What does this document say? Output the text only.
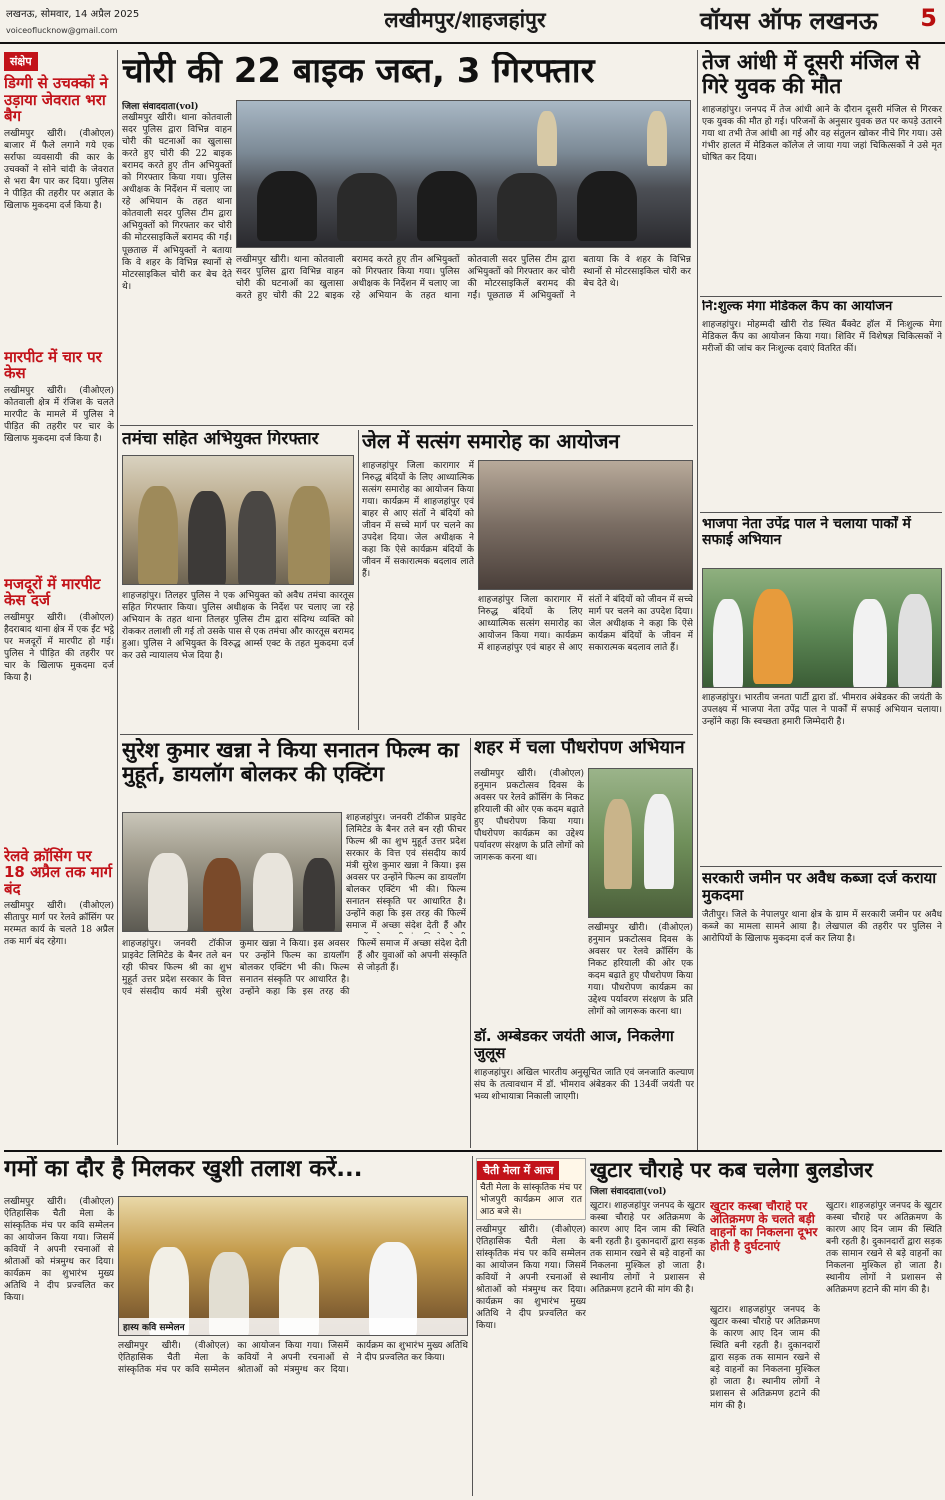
लखनऊ, सोमवार, 14 अप्रैल 2025
voiceoflucknow@gmail.com	लखीमपुर/शाहजहांपुर	वॉयस ऑफ लखनऊ 5
संक्षेप
डिग्गी से उचक्कों ने उड़ाया जेवरात भरा बैग
लखीमपुर खीरी। (वीओएल) बाजार में फैले लगाने गये एक सर्राफा व्यवसायी की कार के उचक्कों ने सोने चांदी के जेवरात से भरा बैग पार कर दिया। पुलिस ने पीड़ित की तहरीर पर अज्ञात के खिलाफ मुकदमा दर्ज किया है।
मारपीट में चार पर केस
लखीमपुर खीरी। (वीओएल) कोतवाली क्षेत्र में रंजिश के चलते मारपीट के मामले में पुलिस ने पीड़ित की तहरीर पर चार के खिलाफ मुकदमा दर्ज किया है।
मजदूरों में मारपीट केस दर्ज
लखीमपुर खीरी। (वीओएल) हैदराबाद थाना क्षेत्र में एक ईंट भट्ठे पर मजदूरों में मारपीट हो गई। पुलिस ने पीड़ित की तहरीर पर चार के खिलाफ मुकदमा दर्ज किया है।
रेलवे क्रॉसिंग पर 18 अप्रैल तक मार्ग बंद
लखीमपुर खीरी। (वीओएल) सीतापुर मार्ग पर रेलवे क्रॉसिंग पर मरम्मत कार्य के चलते 18 अप्रैल तक मार्ग बंद रहेगा।
चोरी की 22 बाइक जब्त, 3 गिरफ्तार
जिला संवाददाता(vol)
लखीमपुर खीरी। थाना कोतवाली सदर पुलिस द्वारा विभिन्न वाहन चोरी की घटनाओं का खुलासा करते हुए चोरी की 22 बाइक बरामद करते हुए तीन अभियुक्तों को गिरफ्तार किया गया। पुलिस अधीक्षक के निर्देशन में चलाए जा रहे अभियान के तहत थाना कोतवाली सदर पुलिस टीम द्वारा अभियुक्तों को गिरफ्तार कर चोरी की मोटरसाइकिलें बरामद की गईं। पूछताछ में अभियुक्तों ने बताया कि वे शहर के विभिन्न स्थानों से मोटरसाइकिल चोरी कर बेच देते थे।
लखीमपुर खीरी। थाना कोतवाली सदर पुलिस द्वारा विभिन्न वाहन चोरी की घटनाओं का खुलासा करते हुए चोरी की 22 बाइक बरामद करते हुए तीन अभियुक्तों को गिरफ्तार किया गया। पुलिस अधीक्षक के निर्देशन में चलाए जा रहे अभियान के तहत थाना कोतवाली सदर पुलिस टीम द्वारा अभियुक्तों को गिरफ्तार कर चोरी की मोटरसाइकिलें बरामद की गईं। पूछताछ में अभियुक्तों ने बताया कि वे शहर के विभिन्न स्थानों से मोटरसाइकिल चोरी कर बेच देते थे।
तमंचा सहित अभियुक्त गिरफ्तार
शाहजहांपुर। तिलहर पुलिस ने एक अभियुक्त को अवैध तमंचा कारतूस सहित गिरफ्तार किया। पुलिस अधीक्षक के निर्देश पर चलाए जा रहे अभियान के तहत थाना तिलहर पुलिस टीम द्वारा संदिग्ध व्यक्ति को रोककर तलाशी ली गई तो उसके पास से एक तमंचा और कारतूस बरामद हुआ। पुलिस ने अभियुक्त के विरुद्ध आर्म्स एक्ट के तहत मुकदमा दर्ज कर उसे न्यायालय भेज दिया है।
जेल में सत्संग समारोह का आयोजन
शाहजहांपुर जिला कारागार में निरुद्ध बंदियों के लिए आध्यात्मिक सत्संग समारोह का आयोजन किया गया। कार्यक्रम में शाहजहांपुर एवं बाहर से आए संतों ने बंदियों को जीवन में सच्चे मार्ग पर चलने का उपदेश दिया। जेल अधीक्षक ने कहा कि ऐसे कार्यक्रम बंदियों के जीवन में सकारात्मक बदलाव लाते हैं।
शाहजहांपुर जिला कारागार में निरुद्ध बंदियों के लिए आध्यात्मिक सत्संग समारोह का आयोजन किया गया। कार्यक्रम में शाहजहांपुर एवं बाहर से आए संतों ने बंदियों को जीवन में सच्चे मार्ग पर चलने का उपदेश दिया। जेल अधीक्षक ने कहा कि ऐसे कार्यक्रम बंदियों के जीवन में सकारात्मक बदलाव लाते हैं।
सुरेश कुमार खन्ना ने किया सनातन फिल्म का मुहूर्त, डायलॉग बोलकर की एक्टिंग
शाहजहांपुर। जनवरी टॉकीज प्राइवेट लिमिटेड के बैनर तले बन रही फीचर फिल्म श्री का शुभ मुहूर्त उत्तर प्रदेश सरकार के वित्त एवं संसदीय कार्य मंत्री सुरेश कुमार खन्ना ने किया। इस अवसर पर उन्होंने फिल्म का डायलॉग बोलकर एक्टिंग भी की। फिल्म सनातन संस्कृति पर आधारित है। उन्होंने कहा कि इस तरह की फिल्में समाज में अच्छा संदेश देती हैं और युवाओं को अपनी संस्कृति से जोड़ती हैं।
शाहजहांपुर। जनवरी टॉकीज प्राइवेट लिमिटेड के बैनर तले बन रही फीचर फिल्म श्री का शुभ मुहूर्त उत्तर प्रदेश सरकार के वित्त एवं संसदीय कार्य मंत्री सुरेश कुमार खन्ना ने किया। इस अवसर पर उन्होंने फिल्म का डायलॉग बोलकर एक्टिंग भी की। फिल्म सनातन संस्कृति पर आधारित है। उन्होंने कहा कि इस तरह की फिल्में समाज में अच्छा संदेश देती हैं और
शहर में चला पौधरोपण अभियान
लखीमपुर खीरी। (वीओएल) हनुमान प्रकटोत्सव दिवस के अवसर पर रेलवे क्रॉसिंग के निकट हरियाली की ओर एक कदम बढ़ाते हुए पौधरोपण किया गया। पौधरोपण कार्यक्रम का उद्देश्य पर्यावरण संरक्षण के प्रति लोगों को जागरूक करना था।
लखीमपुर खीरी। (वीओएल) हनुमान प्रकटोत्सव दिवस के अवसर पर रेलवे क्रॉसिंग के निकट हरियाली की ओर एक कदम बढ़ाते हुए पौधरोपण किया गया। पौधरोपण कार्यक्रम का उद्देश्य पर्यावरण संरक्षण के प्रति लोगों को जागरूक करना था।
डॉ. अम्बेडकर जयंती आज, निकलेगा जुलूस
शाहजहांपुर। अखिल भारतीय अनुसूचित जाति एवं जनजाति कल्याण संघ के तत्वावधान में डॉ. भीमराव अंबेडकर की 134वीं जयंती पर भव्य शोभायात्रा निकाली जाएगी।
तेज आंधी में दूसरी मंजिल से गिरे युवक की मौत
शाहजहांपुर। जनपद में तेज आंधी आने के दौरान दूसरी मंजिल से गिरकर एक युवक की मौत हो गई। परिजनों के अनुसार युवक छत पर कपड़े उतारने गया था तभी तेज आंधी आ गई और वह संतुलन खोकर नीचे गिर गया। उसे गंभीर हालत में मेडिकल कॉलेज ले जाया गया जहां चिकित्सकों ने उसे मृत घोषित कर दिया।
नि:शुल्क मेगा मेडिकल कैंप का आयोजन
शाहजहांपुर। मोहम्मदी खीरी रोड स्थित बैंक्वेट हॉल में निःशुल्क मेगा मेडिकल कैंप का आयोजन किया गया। शिविर में विशेषज्ञ चिकित्सकों ने मरीजों की जांच कर निःशुल्क दवाएं वितरित कीं।
भाजपा नेता उपेंद्र पाल ने चलाया पार्कों में सफाई अभियान
शाहजहांपुर। भारतीय जनता पार्टी द्वारा डॉ. भीमराव अंबेडकर की जयंती के उपलक्ष्य में भाजपा नेता उपेंद्र पाल ने पार्कों में सफाई अभियान चलाया। उन्होंने कहा कि स्वच्छता हमारी जिम्मेदारी है।
सरकारी जमीन पर अवैध कब्जा दर्ज कराया मुकदमा
जैतीपुर। जिले के नेपालपुर थाना क्षेत्र के ग्राम में सरकारी जमीन पर अवैध कब्जे का मामला सामने आया है। लेखपाल की तहरीर पर पुलिस ने आरोपियों के खिलाफ मुकदमा दर्ज कर लिया है।
गमों का दौर है मिलकर खुशी तलाश करें...
लखीमपुर खीरी। (वीओएल) ऐतिहासिक चैती मेला के सांस्कृतिक मंच पर कवि सम्मेलन का आयोजन किया गया। जिसमें कवियों ने अपनी रचनाओं से श्रोताओं को मंत्रमुग्ध कर दिया। कार्यक्रम का शुभारंभ मुख्य अतिथि ने दीप प्रज्वलित कर किया।
हास्य कवि सम्मेलन
लखीमपुर खीरी। (वीओएल) ऐतिहासिक चैती मेला के सांस्कृतिक मंच पर कवि सम्मेलन का आयोजन किया गया। जिसमें कवियों ने अपनी रचनाओं से श्रोताओं को मंत्रमुग्ध कर दिया। कार्यक्रम का शुभारंभ मुख्य अतिथि ने दीप प्रज्वलित कर किया।
चैती मेला में आज
चैती मेला के सांस्कृतिक मंच पर भोजपुरी कार्यक्रम आज रात आठ बजे से।
लखीमपुर खीरी। (वीओएल) ऐतिहासिक चैती मेला के सांस्कृतिक मंच पर कवि सम्मेलन का आयोजन किया गया। जिसमें कवियों ने अपनी रचनाओं से श्रोताओं को मंत्रमुग्ध कर दिया। कार्यक्रम का शुभारंभ मुख्य अतिथि ने दीप प्रज्वलित कर किया।
खुटार चौराहे पर कब चलेगा बुलडोजर
जिला संवाददाता(vol)
खुटार। शाहजहांपुर जनपद के खुटार कस्बा चौराहे पर अतिक्रमण के कारण आए दिन जाम की स्थिति बनी रहती है। दुकानदारों द्वारा सड़क तक सामान रखने से बड़े वाहनों का निकलना मुश्किल हो जाता है। स्थानीय लोगों ने प्रशासन से अतिक्रमण हटाने की मांग की है।
खुटार कस्बा चौराहे पर अतिक्रमण के चलते बड़ी वाहनों का निकलना दूभर होती है दुर्घटनाएं
खुटार। शाहजहांपुर जनपद के खुटार कस्बा चौराहे पर अतिक्रमण के कारण आए दिन जाम की स्थिति बनी रहती है। दुकानदारों द्वारा सड़क तक सामान रखने से बड़े वाहनों का निकलना मुश्किल हो जाता है। स्थानीय लोगों ने प्रशासन से अतिक्रमण हटाने की मांग की है।
खुटार। शाहजहांपुर जनपद के खुटार कस्बा चौराहे पर अतिक्रमण के कारण आए दिन जाम की स्थिति बनी रहती है। दुकानदारों द्वारा सड़क तक सामान रखने से बड़े वाहनों का निकलना मुश्किल हो जाता है। स्थानीय लोगों ने प्रशासन से अतिक्रमण हटाने की मांग की है।
